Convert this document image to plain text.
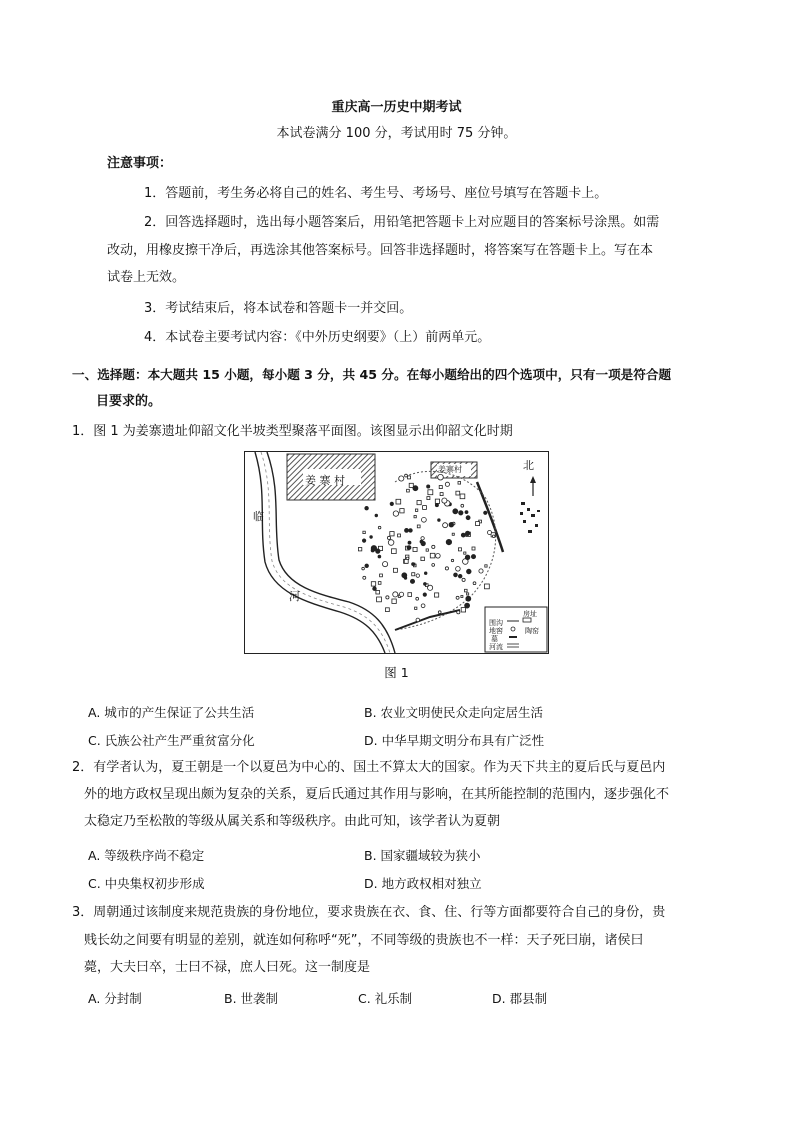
重庆高一历史中期考试
本试卷满分 100 分，考试用时 75 分钟。
注意事项：
1．答题前，考生务必将自己的姓名、考生号、考场号、座位号填写在答题卡上。
2．回答选择题时，选出每小题答案后，用铅笔把答题卡上对应题目的答案标号涂黑。如需
改动，用橡皮擦干净后，再选涂其他答案标号。回答非选择题时，将答案写在答题卡上。写在本
试卷上无效。
3．考试结束后，将本试卷和答题卡一并交回。
4．本试卷主要考试内容：《中外历史纲要》（上）前两单元。
一、选择题：本大题共 15 小题，每小题 3 分，共 45 分。在每小题给出的四个选项中，只有一项是符合题
目要求的。
1．图 1 为姜寨遗址仰韶文化半坡类型聚落平面图。该图显示出仰韶文化时期
姜 寨 村
姜寨村	北
临
河
房址
围沟
地窖
墓
河流
陶窑
图 1
A. 城市的产生保证了公共生活	B. 农业文明使民众走向定居生活
C. 氏族公社产生严重贫富分化	D. 中华早期文明分布具有广泛性
2．有学者认为，夏王朝是一个以夏邑为中心的、国土不算太大的国家。作为天下共主的夏后氏与夏邑内
外的地方政权呈现出颇为复杂的关系，夏后氏通过其作用与影响，在其所能控制的范围内，逐步强化不
太稳定乃至松散的等级从属关系和等级秩序。由此可知，该学者认为夏朝
A. 等级秩序尚不稳定	B. 国家疆域较为狭小
C. 中央集权初步形成	D. 地方政权相对独立
3．周朝通过该制度来规范贵族的身份地位，要求贵族在衣、食、住、行等方面都要符合自己的身份，贵
贱长幼之间要有明显的差别，就连如何称呼“死”，不同等级的贵族也不一样：天子死曰崩，诸侯曰
薨，大夫曰卒，士曰不禄，庶人曰死。这一制度是
A. 分封制	B. 世袭制	C. 礼乐制	D. 郡县制
